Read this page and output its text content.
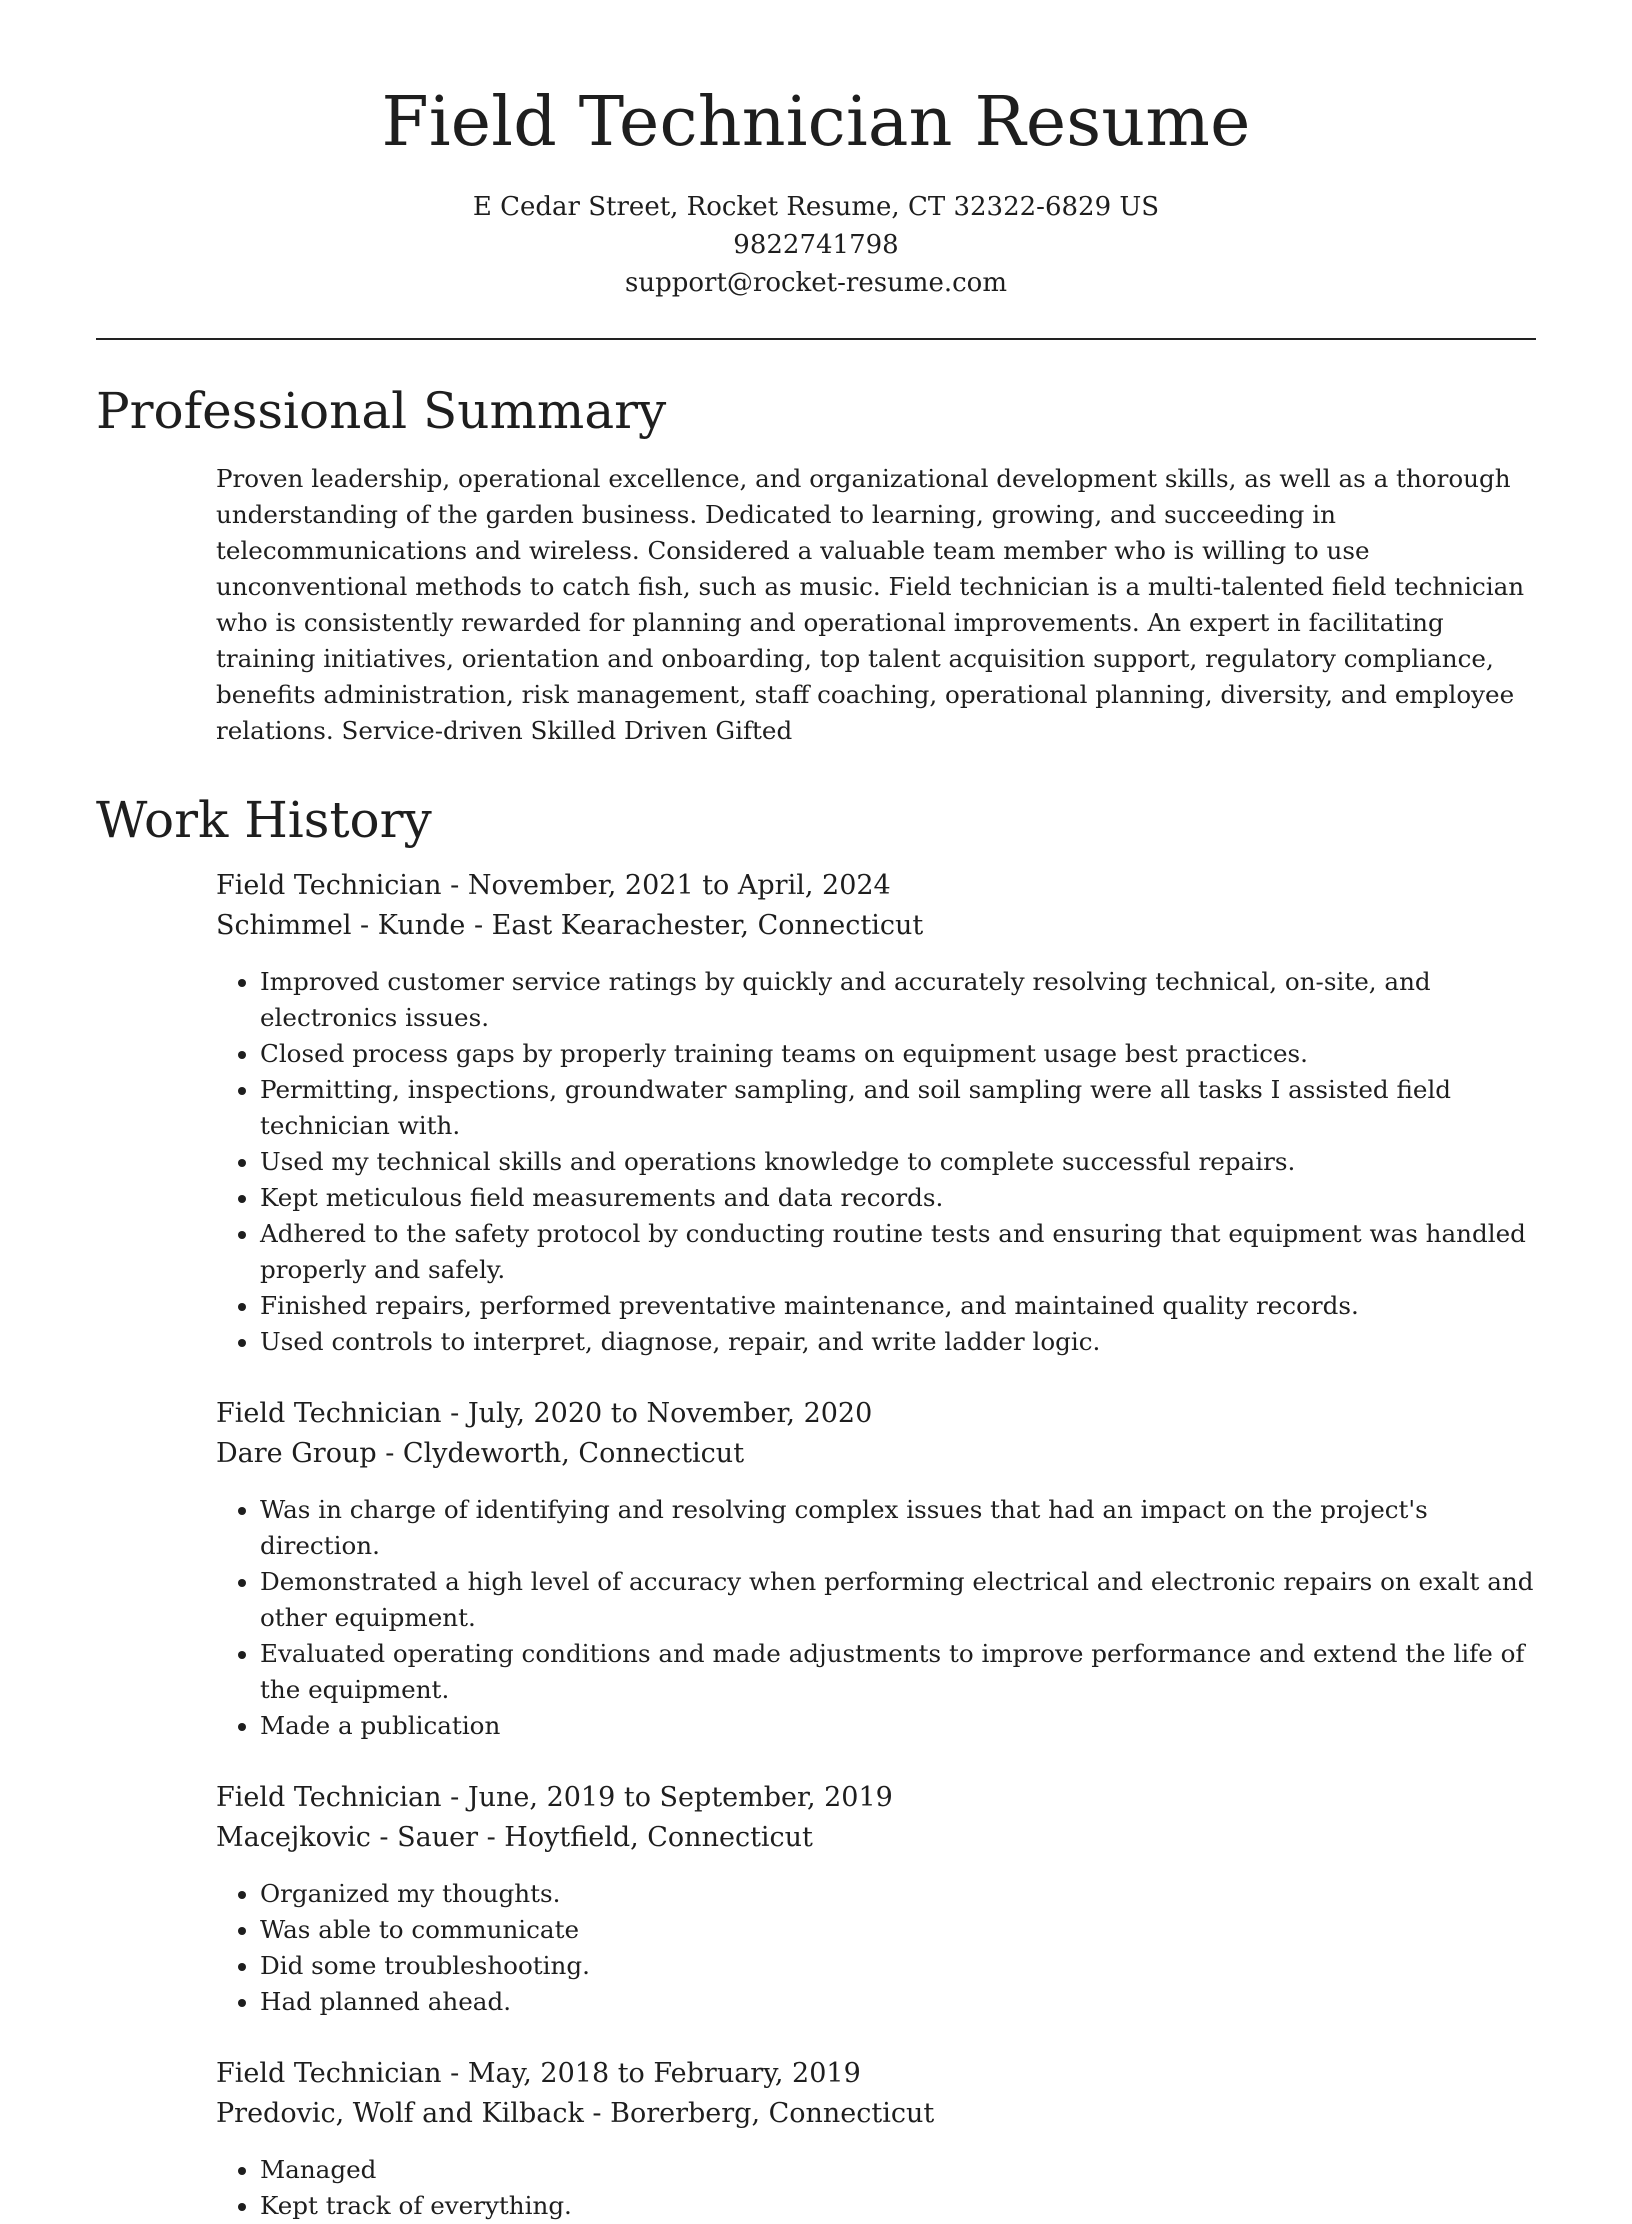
Field Technician Resume
E Cedar Street, Rocket Resume, CT 32322-6829 US
9822741798
support@rocket-resume.com
Professional Summary

Proven leadership, operational excellence, and organizational development skills, as well as a thorough understanding of the garden business. Dedicated to learning, growing, and succeeding in telecommunications and wireless. Considered a valuable team member who is willing to use unconventional methods to catch fish, such as music. Field technician is a multi-talented field technician who is consistently rewarded for planning and operational improvements. An expert in facilitating training initiatives, orientation and onboarding, top talent acquisition support, regulatory compliance, benefits administration, risk management, staff coaching, operational planning, diversity, and employee relations. Service-driven Skilled Driven Gifted

Work History
Field Technician - November, 2021 to April, 2024
Schimmel - Kunde - East Kearachester, Connecticut
• Improved customer service ratings by quickly and accurately resolving technical, on-site, and electronics issues.
• Closed process gaps by properly training teams on equipment usage best practices.
• Permitting, inspections, groundwater sampling, and soil sampling were all tasks I assisted field technician with.
• Used my technical skills and operations knowledge to complete successful repairs.
• Kept meticulous field measurements and data records.
• Adhered to the safety protocol by conducting routine tests and ensuring that equipment was handled properly and safely.
• Finished repairs, performed preventative maintenance, and maintained quality records.
• Used controls to interpret, diagnose, repair, and write ladder logic.
Field Technician - July, 2020 to November, 2020
Dare Group - Clydeworth, Connecticut
• Was in charge of identifying and resolving complex issues that had an impact on the project's direction.
• Demonstrated a high level of accuracy when performing electrical and electronic repairs on exalt and other equipment.
• Evaluated operating conditions and made adjustments to improve performance and extend the life of the equipment.
• Made a publication
Field Technician - June, 2019 to September, 2019
Macejkovic - Sauer - Hoytfield, Connecticut
• Organized my thoughts.
• Was able to communicate
• Did some troubleshooting.
• Had planned ahead.
Field Technician - May, 2018 to February, 2019
Predovic, Wolf and Kilback - Borerberg, Connecticut
• Managed
• Kept track of everything.
